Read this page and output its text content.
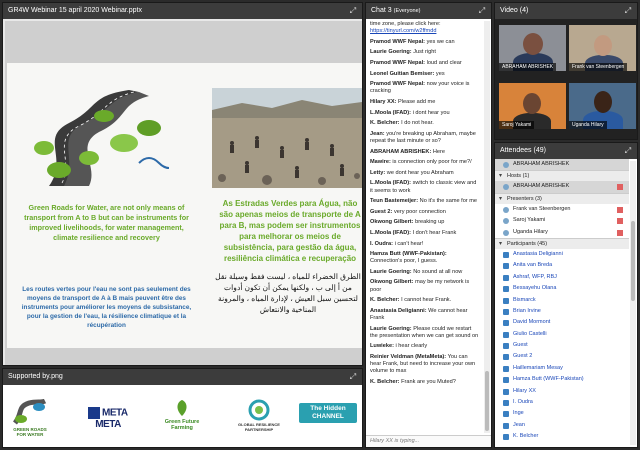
GR4W Webinar 15 april 2020 Webinar.pptx	⤢
Green Roads for Water, are not only means of transport from A to B but can be instruments for improved livelihoods, for water management, climate resilience and recovery
Les routes vertes pour l'eau ne sont pas seulement des moyens de transport de A à B mais peuvent être des instruments pour améliorer les moyens de subsistance, pour la gestion de l'eau, la résilience climatique et la récupération
As Estradas Verdes para Água, não são apenas meios de transporte de A para B, mas podem ser instrumentos para melhorar os meios de subsistência, para gestão da água, resiliência climática e recuperação
الطرق الخضراء للمياه ، ليست فقط وسيلة نقل من أ إلى ب ، ولكنها يمكن أن تكون أدوات لتحسين سبل العيش ، لإدارة المياه ، والمرونة المناخية والانتعاش
Supported by.png	⤢
GREEN ROADS FOR WATER
META META	Green Future Farming
GLOBAL RESILIENCE PARTNERSHIP
The Hidden CHANNEL
Chat 3 (Everyone)	⤢
time zone, please click here:
https://tinyurl.com/w2ffmdd
Pramod WWF Nepal: yes we can
Laurie Goering: Just right
Pramod WWF Nepal: loud and clear
Leonel Guitian Bemiser: yes
Pramod WWF Nepal: now your voice is cracking
Hilary XX: Please add me
L.Moola (IFAD): i dont hear you
K. Belcher: I do not hear.
Jean: you're breaking up Abraham, maybe repeat the last minute or so?
ABRAHAM ABRISHEK: Here
Mawire: is connection only poor for me?/
Letty: we dont hear you Abraham
L.Moola (IFAD): switch to classic view and it seems to work
Teun Bastemeijer: No it's the same for me
Guest 2: very poor connection
Okwong Gilbert: breaking up
L.Moola (IFAD): I don't hear Frank
I. Oudra: i can't hear!
Hamza Butt (WWF-Pakistan): Connection's poor, I guess.
Laurie Goering: No sound at all now
Okwong Gilbert: may be my network is poor
K. Belcher: I cannot hear Frank.
Anastasia Deligianni: We cannot hear Frank
Laurie Goering: Please could we restart the presentation when we can get sound on
Luwieke: i hear clearly
Reinier Veldman (MetaMeta): You can hear Frank, but need to increase your own volume to max
K. Belcher: Frank are you Muted?
Hilary XX is typing...
Video (4)	⤢
ABRAHAM ABRISHEK	Frank van Steenbergen
Saroj Yakami	Uganda Hilary
Attendees (49)	⤢
ABRAHAM ABRISHEK
▾ Hosts (1)
ABRAHAM ABRISHEK
▾ Presenters (3)
Frank van Steenbergen
Saroj Yakami
Uganda Hilary
▾ Participants (45)
Anastasia Deligianni
Anita van Breda
Ashraf, WFP, RBJ
Bessayehu Olana
Bismarck
Brian Irvine
David Mormont
Giulio Castelli
Guest
Guest 2
Haillemariam Mesay
Hamza Butt (WWF-Pakistan)
Hilary XX
I. Oudra
Inge
Jean
K. Belcher
